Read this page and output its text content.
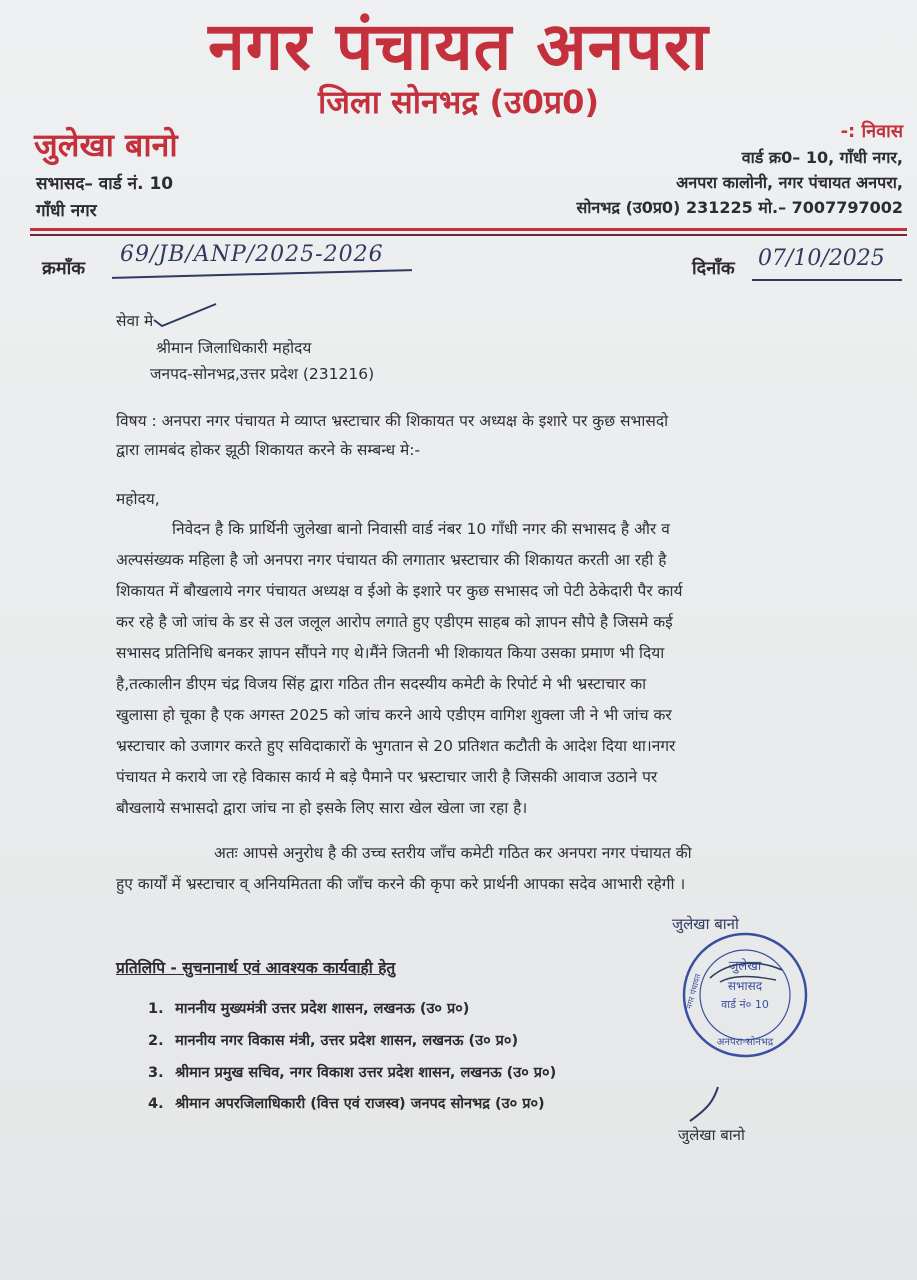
नगर पंचायत अनपरा
जिला सोनभद्र (उ0प्र0)
जुलेखा बानो
सभासद– वार्ड नं. 10
गाँधी नगर
-: निवास
वार्ड क्र0– 10, गाँधी नगर,
अनपरा कालोनी, नगर पंचायत अनपरा,
सोनभद्र (उ0प्र0) 231225 मो.– 7007797002
क्रमाँक
69/JB/ANP/2025-2026
दिनाँक 07/10/2025
सेवा मे
श्रीमान जिलाधिकारी महोदय
जनपद-सोनभद्र,उत्तर प्रदेश (231216)
विषय : अनपरा नगर पंचायत मे व्याप्त भ्रस्टाचार की शिकायत पर अध्यक्ष के इशारे पर कुछ सभासदो
द्वारा लामबंद होकर झूठी शिकायत करने के सम्बन्ध मे:-
महोदय,
निवेदन है कि प्रार्थिनी जुलेखा बानो निवासी वार्ड नंबर 10 गाँधी नगर की सभासद है और व
अल्पसंख्यक महिला है जो अनपरा नगर पंचायत की लगातार भ्रस्टाचार की शिकायत करती आ रही है
शिकायत में बौखलाये नगर पंचायत अध्यक्ष व ईओ के इशारे पर कुछ सभासद जो पेटी ठेकेदारी पैर कार्य
कर रहे है जो जांच के डर से उल जलूल आरोप लगाते हुए एडीएम साहब को ज्ञापन सौपे है जिसमे कई
सभासद प्रतिनिधि बनकर ज्ञापन सौंपने गए थे।मैंने जितनी भी शिकायत किया उसका प्रमाण भी दिया
है,तत्कालीन डीएम चंद्र विजय सिंह द्वारा गठित तीन सदस्यीय कमेटी के रिपोर्ट मे भी भ्रस्टाचार का
खुलासा हो चूका है एक अगस्त 2025 को जांच करने आये एडीएम वागिश शुक्ला जी ने भी जांच कर
भ्रस्टाचार को उजागर करते हुए सविदाकारों के भुगतान से 20 प्रतिशत कटौती के आदेश दिया था।नगर
पंचायत मे कराये जा रहे विकास कार्य मे बड़े पैमाने पर भ्रस्टाचार जारी है जिसकी आवाज उठाने पर
बौखलाये सभासदो द्वारा जांच ना हो इसके लिए सारा खेल खेला जा रहा है।
अतः आपसे अनुरोध है की उच्च स्तरीय जाँच कमेटी गठित कर अनपरा नगर पंचायत की
हुए कार्यों में भ्रस्टाचार व् अनियमितता की जाँच करने की कृपा करे प्रार्थनी आपका सदेव आभारी रहेगी ।
जुलेखा बानो
जुलेखा
सभासद
वार्ड नं० 10
अनपरा-सोनभद्र
नगर पंचायत
जुलेखा बानो
प्रतिलिपि - सुचनानार्थ एवं आवश्यक कार्यवाही हेतु
1. माननीय मुख्यमंत्री उत्तर प्रदेश शासन, लखनऊ (उ० प्र०)
2. माननीय नगर विकास मंत्री, उत्तर प्रदेश शासन, लखनऊ (उ० प्र०)
3. श्रीमान प्रमुख सचिव, नगर विकाश उत्तर प्रदेश शासन, लखनऊ (उ० प्र०)
4. श्रीमान अपरजिलाधिकारी (वित्त एवं राजस्व) जनपद सोनभद्र (उ० प्र०)
